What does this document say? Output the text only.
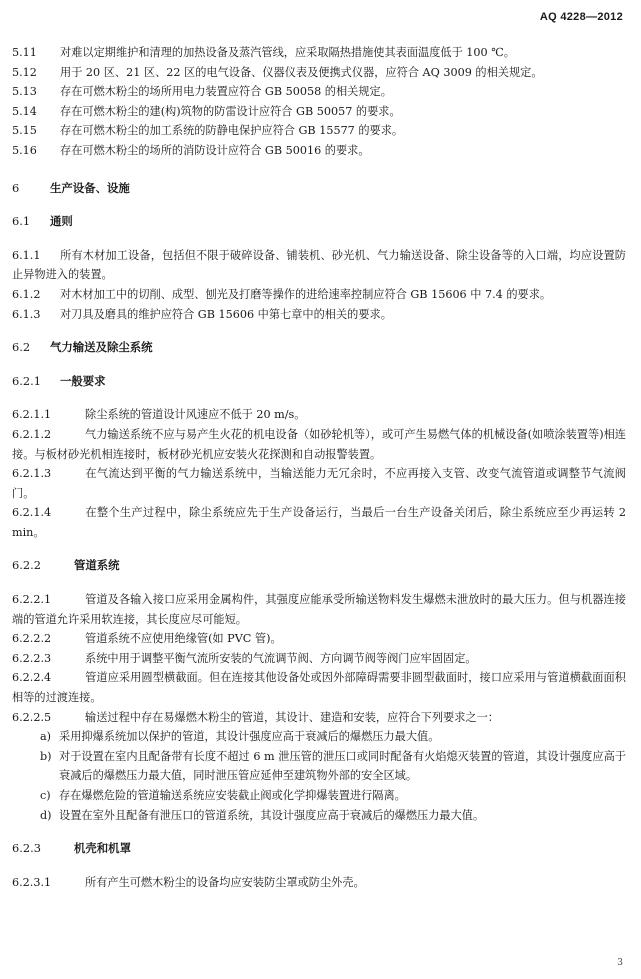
AQ 4228—2012

5.11 对难以定期维护和清理的加热设备及蒸汽管线，应采取隔热措施使其表面温度低于 100 ℃。

5.12 用于 20 区、21 区、22 区的电气设备、仪器仪表及便携式仪器，应符合 AQ 3009 的相关规定。

5.13 存在可燃木粉尘的场所用电力装置应符合 GB 50058 的相关规定。

5.14 存在可燃木粉尘的建(构)筑物的防雷设计应符合 GB 50057 的要求。

5.15 存在可燃木粉尘的加工系统的防静电保护应符合 GB 15577 的要求。

5.16 存在可燃木粉尘的场所的消防设计应符合 GB 50016 的要求。

6	生产设备、设施
6.1 通则

6.1.1 所有木材加工设备，包括但不限于破碎设备、铺装机、砂光机、气力输送设备、除尘设备等的入口端，均应设置防止异物进入的装置。

6.1.2 对木材加工中的切削、成型、刨光及打磨等操作的进给速率控制应符合 GB 15606 中 7.4 的要求。

6.1.3 对刀具及磨具的维护应符合 GB 15606 中第七章中的相关的要求。

6.2 气力输送及除尘系统
6.2.1 一般要求

6.2.1.1	除尘系统的管道设计风速应不低于 20 m/s。

6.2.1.2	气力输送系统不应与易产生火花的机电设备（如砂轮机等），或可产生易燃气体的机械设备(如喷涂装置等)相连接。与板材砂光机相连接时，板材砂光机应安装火花探测和自动报警装置。

6.2.1.3	在气流达到平衡的气力输送系统中，当输送能力无冗余时，不应再接入支管、改变气流管道或调整节气流阀门。

6.2.1.4	在整个生产过程中，除尘系统应先于生产设备运行，当最后一台生产设备关闭后，除尘系统应至少再运转 2 min。

6.2.2	管道系统

6.2.2.1	管道及各输入接口应采用金属构件，其强度应能承受所输送物料发生爆燃未泄放时的最大压力。但与机器连接端的管道允许采用软连接，其长度应尽可能短。

6.2.2.2	管道系统不应使用绝缘管(如 PVC 管)。

6.2.2.3	系统中用于调整平衡气流所安装的气流调节阀、方向调节阀等阀门应牢固固定。

6.2.2.4	管道应采用圆型横截面。但在连接其他设备处或因外部障碍需要非圆型截面时，接口应采用与管道横截面面积相等的过渡连接。

6.2.2.5	输送过程中存在易爆燃木粉尘的管道，其设计、建造和安装，应符合下列要求之一：

a) 采用抑爆系统加以保护的管道，其设计强度应高于衰减后的爆燃压力最大值。

b) 对于设置在室内且配备带有长度不超过 6 m 泄压管的泄压口或同时配备有火焰熄灭装置的管道，其设计强度应高于衰减后的爆燃压力最大值，同时泄压管应延伸至建筑物外部的安全区域。

c) 存在爆燃危险的管道输送系统应安装截止阀或化学抑爆装置进行隔离。

d) 设置在室外且配备有泄压口的管道系统，其设计强度应高于衰减后的爆燃压力最大值。

6.2.3	机壳和机罩

6.2.3.1	所有产生可燃木粉尘的设备均应安装防尘罩或防尘外壳。

3
